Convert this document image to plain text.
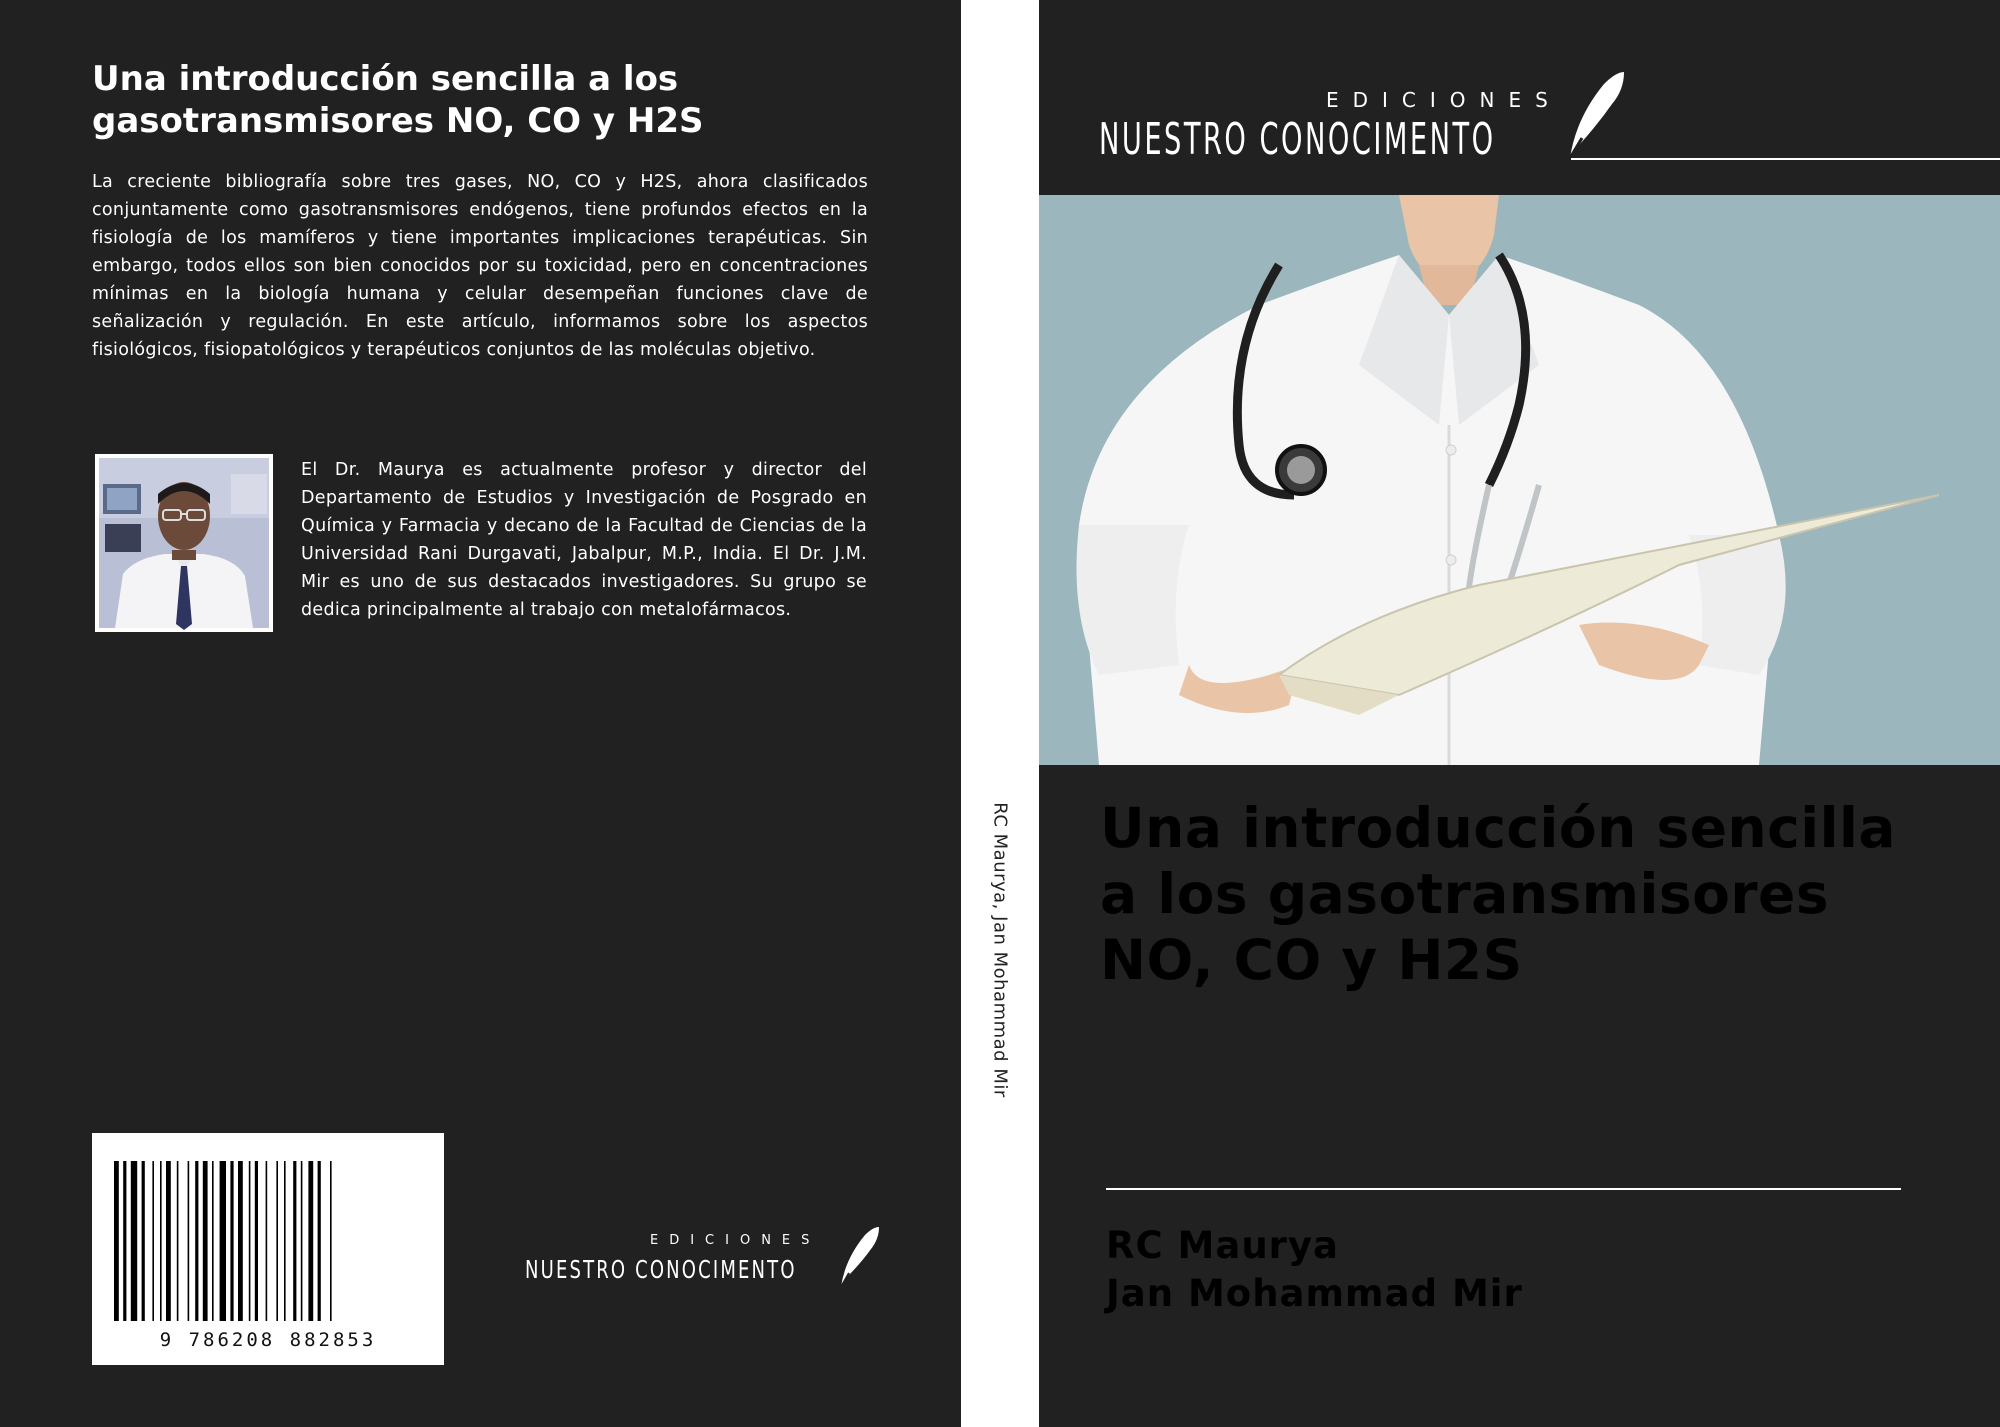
Una introducción sencilla a los gasotransmisores NO, CO y H2S

La creciente bibliografía sobre tres gases, NO, CO y H2S, ahora clasificados conjuntamente como gasotransmisores endógenos, tiene profundos efectos en la fisiología de los mamíferos y tiene importantes implicaciones terapéuticas. Sin embargo, todos ellos son bien conocidos por su toxicidad, pero en concentraciones mínimas en la biología humana y celular desempeñan funciones clave de señalización y regulación. En este artículo, informamos sobre los aspectos fisiológicos, fisiopatológicos y terapéuticos conjuntos de las moléculas objetivo.

El Dr. Maurya es actualmente profesor y director del Departamento de Estudios y Investigación de Posgrado en Química y Farmacia y decano de la Facultad de Ciencias de la Universidad Rani Durgavati, Jabalpur, M.P., India. El Dr. J.M. Mir es uno de sus destacados investigadores. Su grupo se dedica principalmente al trabajo con metalofármacos.

9 786208 882853
EDICIONES
NUESTRO CONOCIMENTO
RC Maurya, Jan Mohammad Mir
EDICIONES
NUESTRO CONOCIMENTO
Una introducción sencilla
a los gasotransmisores
NO, CO y H2S
RC Maurya
Jan Mohammad Mir
